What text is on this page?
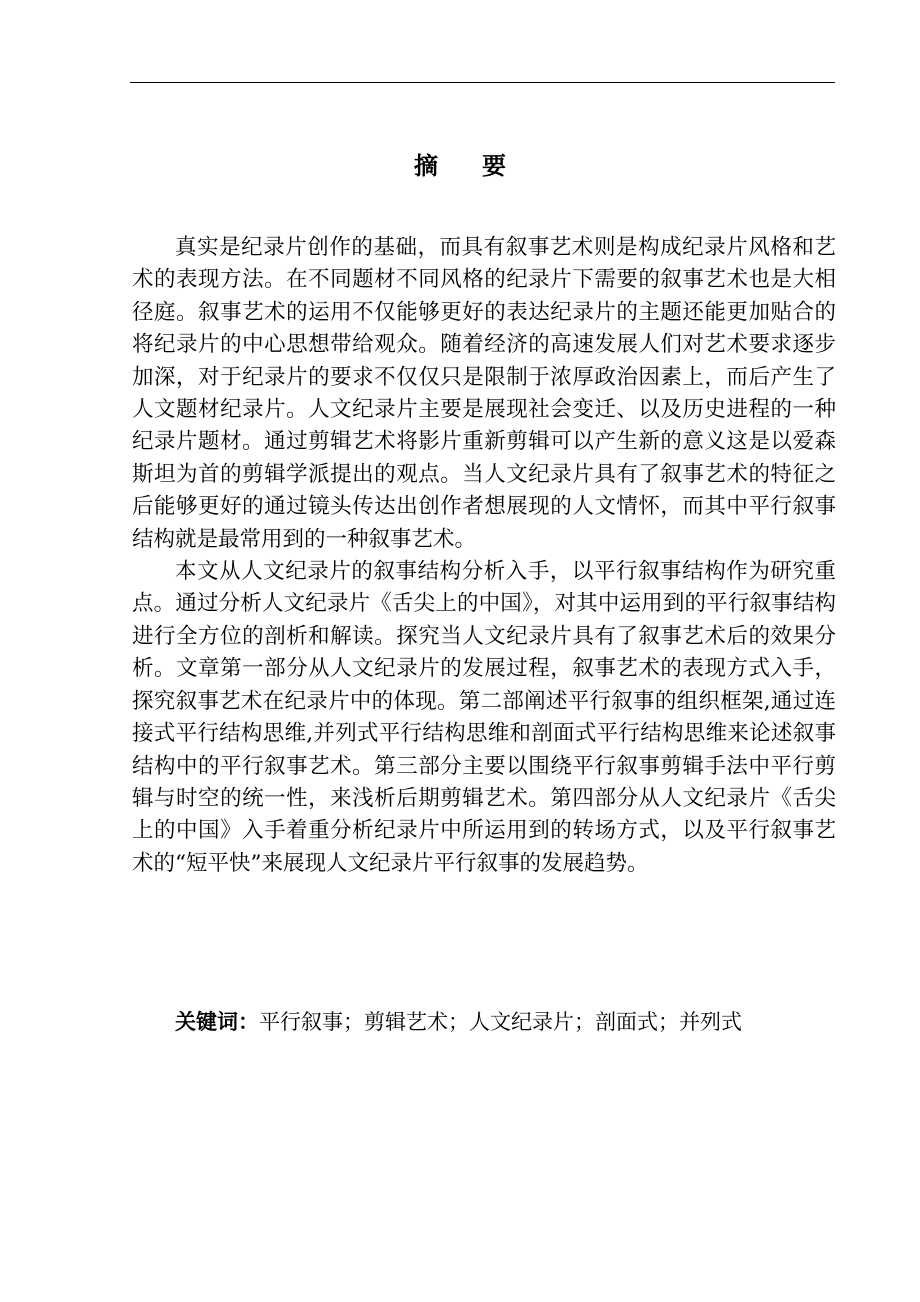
摘要

真实是纪录片创作的基础，而具有叙事艺术则是构成纪录片风格和艺术的表现方法。在不同题材不同风格的纪录片下需要的叙事艺术也是大相径庭。叙事艺术的运用不仅能够更好的表达纪录片的主题还能更加贴合的将纪录片的中心思想带给观众。随着经济的高速发展人们对艺术要求逐步加深，对于纪录片的要求不仅仅只是限制于浓厚政治因素上，而后产生了人文题材纪录片。人文纪录片主要是展现社会变迁、以及历史进程的一种纪录片题材。通过剪辑艺术将影片重新剪辑可以产生新的意义这是以爱森斯坦为首的剪辑学派提出的观点。当人文纪录片具有了叙事艺术的特征之后能够更好的通过镜头传达出创作者想展现的人文情怀，而其中平行叙事结构就是最常用到的一种叙事艺术。

本文从人文纪录片的叙事结构分析入手，以平行叙事结构作为研究重点。通过分析人文纪录片《舌尖上的中国》，对其中运用到的平行叙事结构进行全方位的剖析和解读。探究当人文纪录片具有了叙事艺术后的效果分析。文章第一部分从人文纪录片的发展过程，叙事艺术的表现方式入手，探究叙事艺术在纪录片中的体现。第二部阐述平行叙事的组织框架,通过连接式平行结构思维,并列式平行结构思维和剖面式平行结构思维来论述叙事结构中的平行叙事艺术。第三部分主要以围绕平行叙事剪辑手法中平行剪辑与时空的统一性，来浅析后期剪辑艺术。第四部分从人文纪录片《舌尖上的中国》入手着重分析纪录片中所运用到的转场方式，以及平行叙事艺术的“短平快”来展现人文纪录片平行叙事的发展趋势。

关键词：平行叙事；剪辑艺术；人文纪录片；剖面式；并列式
